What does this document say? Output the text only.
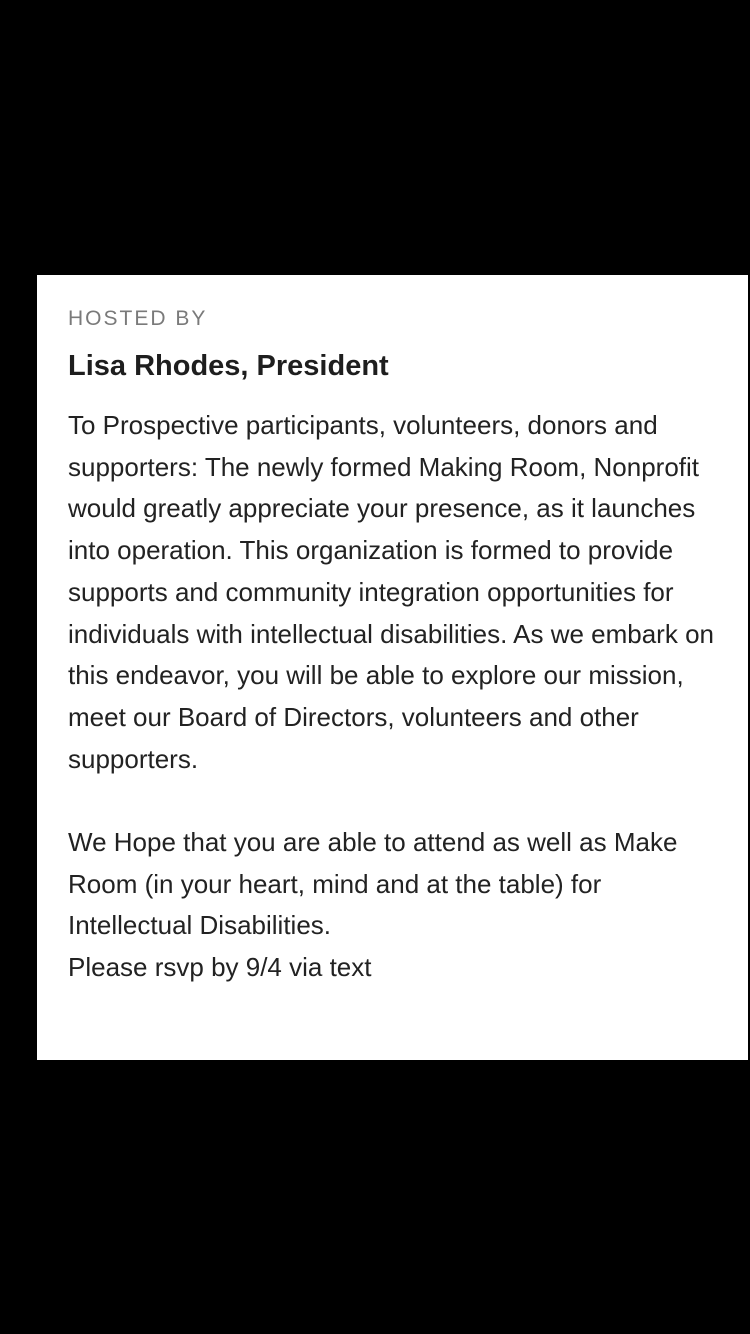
HOSTED BY
Lisa Rhodes, President

To Prospective participants, volunteers, donors and supporters: The newly formed Making Room, Nonprofit would greatly appreciate your presence, as it launches into operation. This organization is formed to provide supports and community integration opportunities for individuals with intellectual disabilities. As we embark on this endeavor, you will be able to explore our mission, meet our Board of Directors, volunteers and other supporters.

We Hope that you are able to attend as well as Make Room (in your heart, mind and at the table) for Intellectual Disabilities.

Please rsvp by 9/4 via text
